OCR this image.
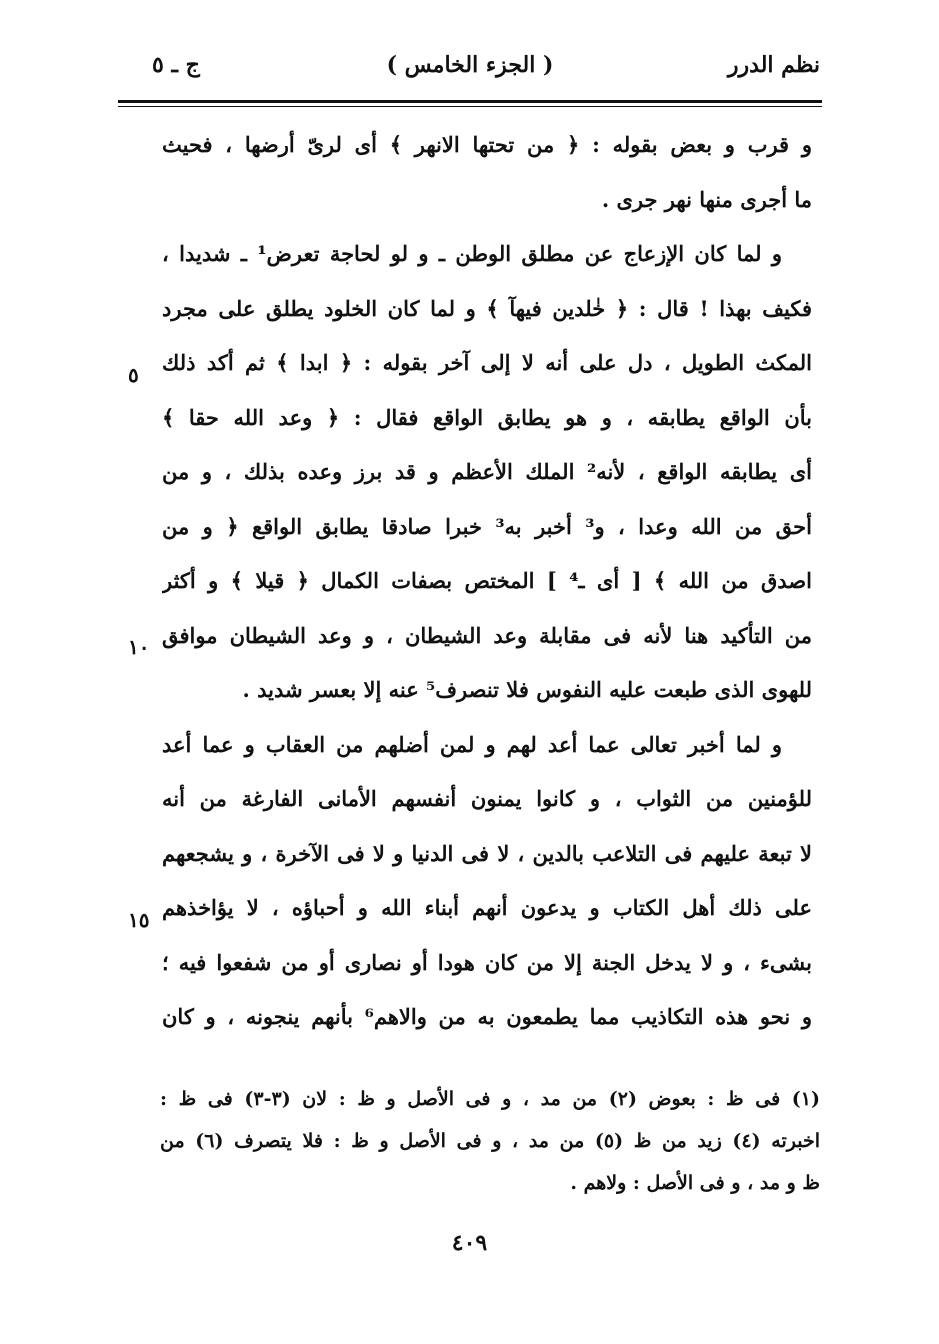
نظم الدرر
( الجزء الخامس )
ج ـ ٥
و قرب و بعض بقوله : ﴿ من تحتها الانهر ﴾ أى لرىّ أرضها ، فحيث
ما أجرى منها نهر جرى .
و لما كان الإزعاج عن مطلق الوطن ـ و لو لحاجة تعرض¹ ـ شديدا ،
فكيف بهذا ! قال : ﴿ خٰلدين فيهآ ﴾ و لما كان الخلود يطلق على مجرد
المكث الطويل ، دل على أنه لا إلى آخر بقوله : ﴿ ابدا ﴾ ثم أكد ذلك
بأن الواقع يطابقه ، و هو يطابق الواقع فقال : ﴿ وعد الله حقا ﴾
أى يطابقه الواقع ، لأنه² الملك الأعظم و قد برز وعده بذلك ، و من
أحق من الله وعدا ، و³ أخبر به³ خبرا صادقا يطابق الواقع ﴿ و من
اصدق من الله ﴾ [ أى ـ⁴ ] المختص بصفات الكمال ﴿ قيلا ﴾ و أكثر
من التأكيد هنا لأنه فى مقابلة وعد الشيطان ، و وعد الشيطان موافق
للهوى الذى طبعت عليه النفوس فلا تنصرف⁵ عنه إلا بعسر شديد .
و لما أخبر تعالى عما أعد لهم و لمن أضلهم من العقاب و عما أعد
للؤمنين من الثواب ، و كانوا يمنون أنفسهم الأمانى الفارغة من أنه
لا تبعة عليهم فى التلاعب بالدين ، لا فى الدنيا و لا فى الآخرة ، و يشجعهم
على ذلك أهل الكتاب و يدعون أنهم أبناء الله و أحباؤه ، لا يؤاخذهم
بشىء ، و لا يدخل الجنة إلا من كان هودا أو نصارى أو من شفعوا فيه ؛
و نحو هذه التكاذيب مما يطمعون به من والاهم⁶ بأنهم ينجونه ، و كان
٥
١٠
١٥
(١) فى ظ : بعوض (٢) من مد ، و فى الأصل و ظ : لان (٣-٣) فى ظ :
اخبرته (٤) زيد من ظ (٥) من مد ، و فى الأصل و ظ : فلا يتصرف (٦) من
ظ و مد ، و فى الأصل : ولاهم .
٤٠٩
